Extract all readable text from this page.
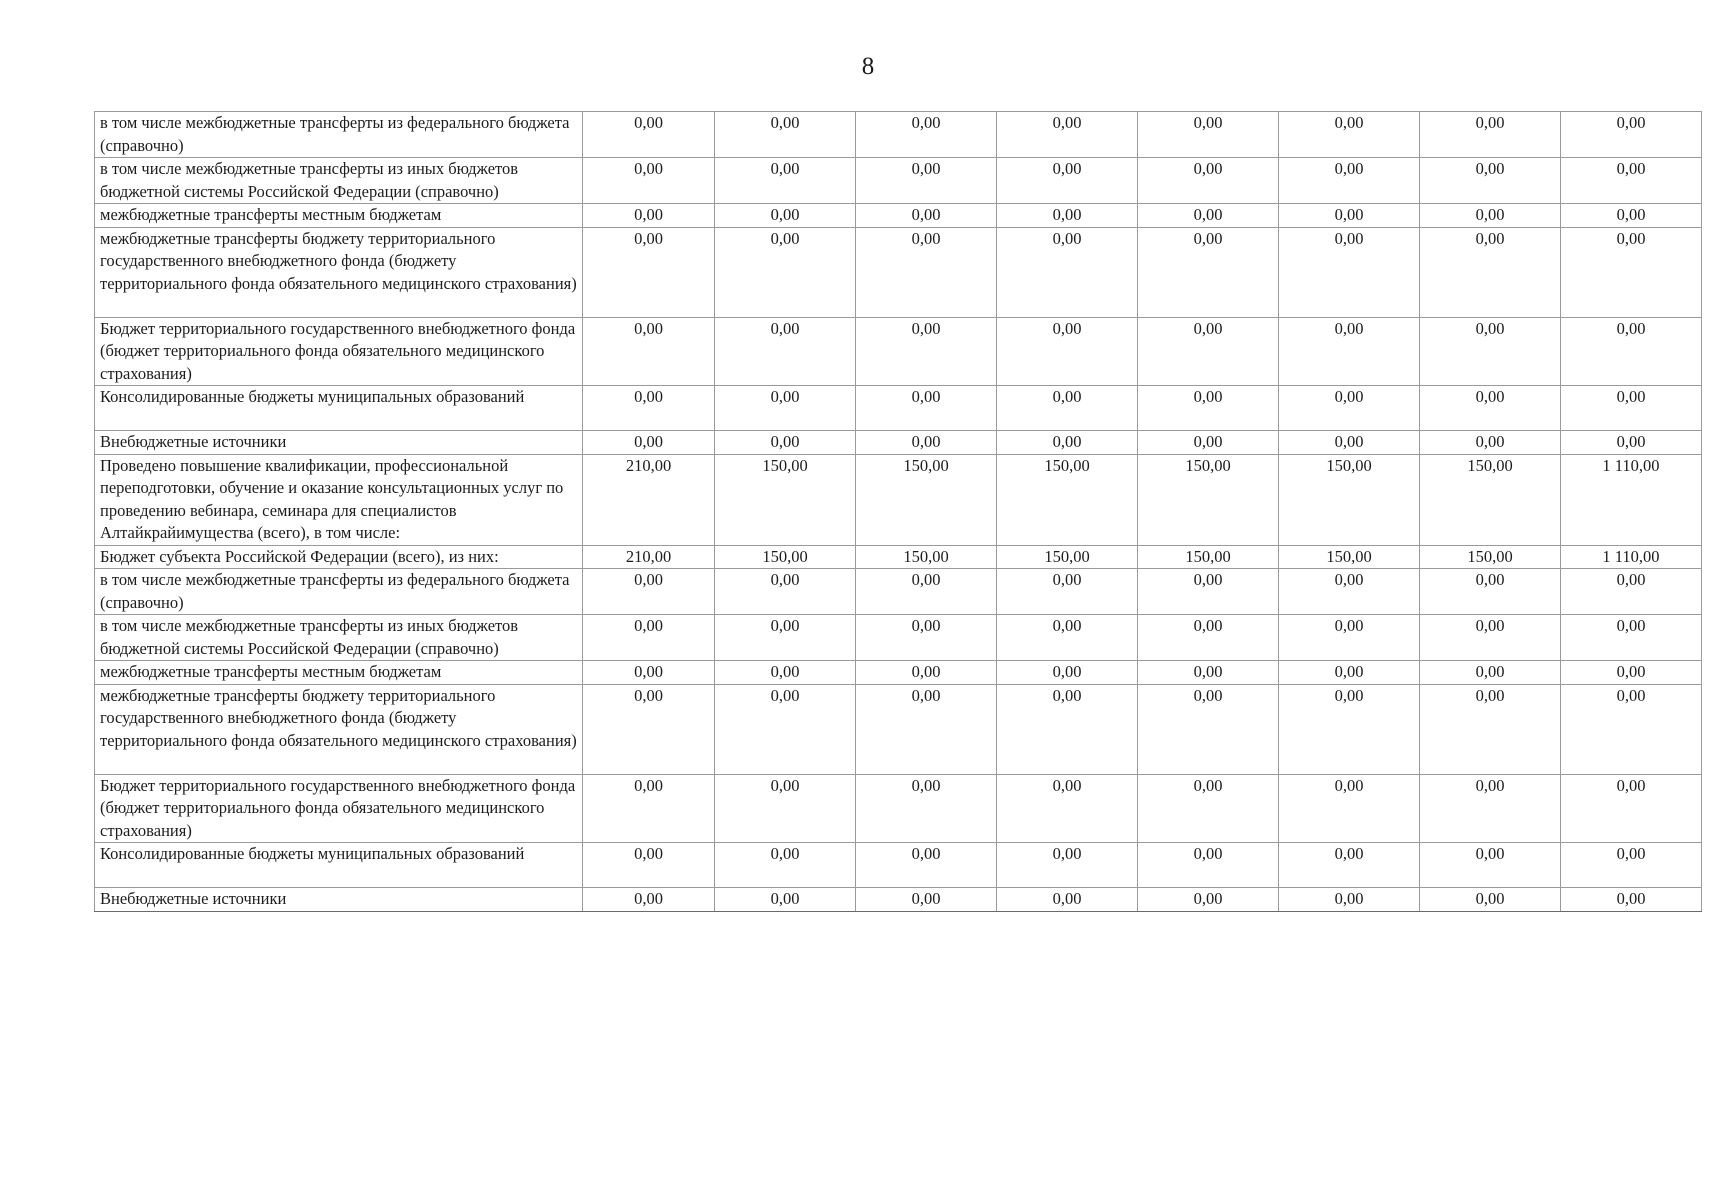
8
в том числе межбюджетные трансферты из федерального бюджета (справочно)	0,00	0,00	0,00	0,00	0,00	0,00	0,00	0,00
в том числе межбюджетные трансферты из иных бюджетов бюджетной системы Российской Федерации (справочно)	0,00	0,00	0,00	0,00	0,00	0,00	0,00	0,00
межбюджетные трансферты местным бюджетам	0,00	0,00	0,00	0,00	0,00	0,00	0,00	0,00
межбюджетные трансферты бюджету территориального государственного внебюджетного фонда (бюджету территориального фонда обязательного медицинского страхования)	0,00	0,00	0,00	0,00	0,00	0,00	0,00	0,00
Бюджет территориального государственного внебюджетного фонда (бюджет территориального фонда обязательного медицинского страхования)	0,00	0,00	0,00	0,00	0,00	0,00	0,00	0,00
Консолидированные бюджеты муниципальных образований	0,00	0,00	0,00	0,00	0,00	0,00	0,00	0,00
Внебюджетные источники	0,00	0,00	0,00	0,00	0,00	0,00	0,00	0,00
Проведено повышение квалификации, профессиональной переподготовки, обучение и оказание консультационных услуг по проведению вебинара, семинара для специалистов Алтайкрайимущества (всего), в том числе:	210,00	150,00	150,00	150,00	150,00	150,00	150,00	1 110,00
Бюджет субъекта Российской Федерации (всего), из них:	210,00	150,00	150,00	150,00	150,00	150,00	150,00	1 110,00
в том числе межбюджетные трансферты из федерального бюджета (справочно)	0,00	0,00	0,00	0,00	0,00	0,00	0,00	0,00
в том числе межбюджетные трансферты из иных бюджетов бюджетной системы Российской Федерации (справочно)	0,00	0,00	0,00	0,00	0,00	0,00	0,00	0,00
межбюджетные трансферты местным бюджетам	0,00	0,00	0,00	0,00	0,00	0,00	0,00	0,00
межбюджетные трансферты бюджету территориального государственного внебюджетного фонда (бюджету территориального фонда обязательного медицинского страхования)	0,00	0,00	0,00	0,00	0,00	0,00	0,00	0,00
Бюджет территориального государственного внебюджетного фонда (бюджет территориального фонда обязательного медицинского страхования)	0,00	0,00	0,00	0,00	0,00	0,00	0,00	0,00
Консолидированные бюджеты муниципальных образований	0,00	0,00	0,00	0,00	0,00	0,00	0,00	0,00
Внебюджетные источники	0,00	0,00	0,00	0,00	0,00	0,00	0,00	0,00
